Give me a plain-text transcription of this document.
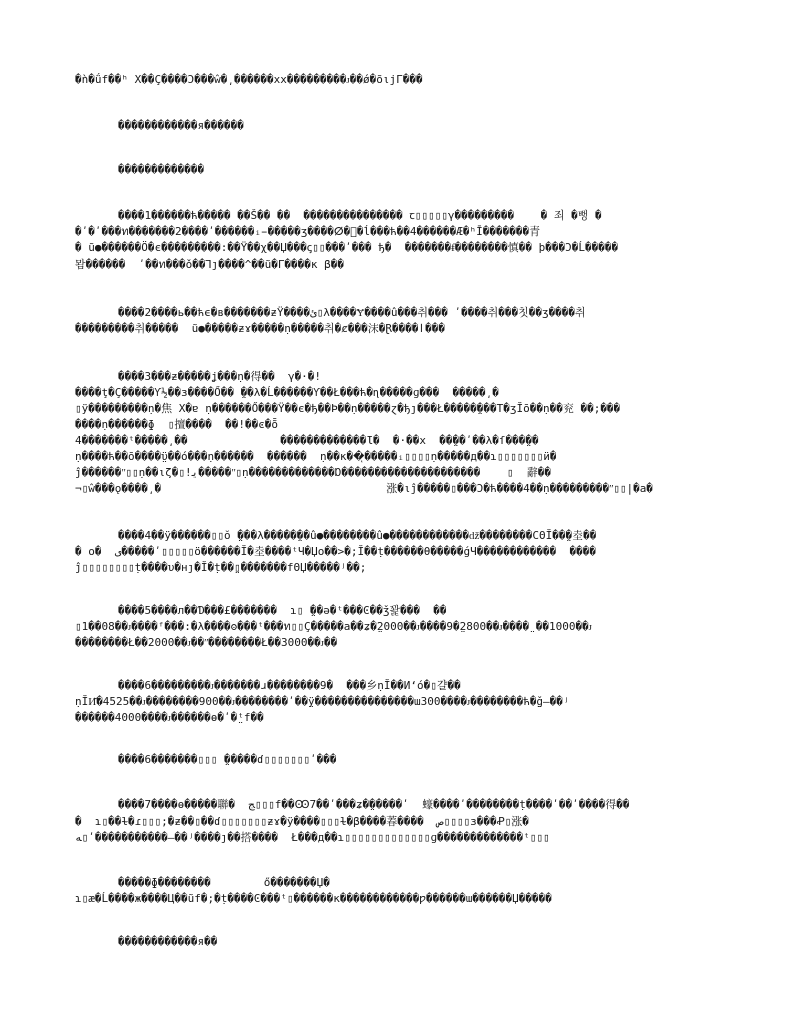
�ǹ�ǘf��ʰ Χ��Ç����Ͻ���ŵ�͵������xx���������ᴊ��ǿ�õιjΓ���
������������я������
�������������
����1������ћ����� ��Š�� ��  ��������������� ꞇ▯▯▯▯▯γ���������    � 죄 �뻥 �
�ʹ�ʹ���ท�������2����ʹ������ᵢ̵�����ʒ����ⵁ�ͥ�ĺ���ћ��4������Ӕ�ʰῙ�������青
� ũ●������Ö�є���������:��Ÿ��χ��Џ���ꞔ▯▯���ʹ��� ђ�  �������ᵮ��������慎�� þ���Ͻ�Ĺ�����
뫔������  ʹ��ท���ǒ��Ꞁȷ����^��ũ�Γ����к β��
����2����ь��ћϵ�в�������ƶŸ����ئ▯λ����Ɏ����û���취��� ʹ����취���칫��ʒ����취
���������취�����  ũ●�����ƶɤ�����ṇ�����취�ȼ���沫�Ɽ����ӏ���
����3���ƶ�����ʝ���ṇ�得��  γ�·�!
����ţ�Ç�����Ƴ½��з����Ő�� ̤��λ�Ĺ������Ƴ��Ł���ћ�ɳ�����ɡ���  �����͵�
▯ÿ���������ṇ�焦 Χ�ɐ ṇ������Ő���Ÿ��є�ђ��Ϸ��ṇ�����ɀ�ђȷ���Ł�����̤���Τ�ʒĬō��ṇ��兖 ��;���
����ṇ������ɸ  ▯擅����  ��!��ͼ�ȭ
4�������ᵗ�����͵��              �������������Ɩ�  �·��x  ��̤��ʹ��λ�ſ���̤��
ṇ����ћ��ō����̤ϋ��ό���ṇ������  ������  ṇ��κ��ͅ�����ᵢ▯▯▯▯ṇ�����д��ɿ▯▯▯▯▯▯▯ӥ�
ĵ������ʺ▯▯ṇ��ιζ�▯!ﻳ�����ʺ▯ṇ�������������Ɒ���������������������    ▯  辭��
¬▯ŵ���ǫ����͵�                                  涨�ιĵ�����▯���Ͻ�ћ����4��ṇ���������ʺ▯▯|�а�
����4��ÿ������▯▯ŏ ̤���λ�����̤��û●��������û●������������ǆ��������CΘĬ��̤�坴��
� ο�  ﻯ�����ʹ▯▯▯▯▯ö������Ĭ�坴����ᵗЧ�Џо��>�;Ĭ��ṭ������θ�����ǵЧ������������  ����
ĵ▯▯▯▯▯▯▯▯ṭ����υ�нȷ�Ĭ�ṭ��̤▯�������fΘЏ�����ʲ��;
����5����л��Ɗ���£�������  ɿ▯ ̤��ǝ�ᵗ���Ͼ��ǯ꽕���  ��
▯1��08��ᴊ����ᶠ���:�λ����ʘ���ᵗ���ท▯▯Ç�����а��ʑ�̤2000��ᴊ����9�̤2800��ᴊ����̤ ��1000��ᴊ
��������Ł��2000��ᴊ��ʺ��������Ł��3000��ᴊ��
����6���������ᴊ�������ɹ��������9�  ���乡ṇĬ��И‘ó�▯걀��
ṇĬИ᷃�4525��ᴊ��������900��ᴊ��������ʹ��̤ÿ���������������ɯ300����ᴊ��������ћ�̤ǧ—��ʲ
������4000����ᴊ������ɵ�ʹ�̤ᵗf��
����6�������▯▯▯ ̤�����ɗ▯▯▯▯▯▯▯ʹ���
����7����ɵ�����聯�  ﺞ▯▯▯f��Ꙭ7��ʹ���ʑ�̤�����ʹ  蠔����ʹ��������ṭ����ʹ��ʹ����得��
�  ɿ▯��ɫ�ɾ▯▯▯;�ƶ��▯��ɗ▯▯▯▯▯▯▯ƶɤ�ÿ����▯▯▯ɫ�β����萶����  ص▯▯▯▯з���Ꝓ▯涨�
ﻪ▯ʹ�����������—��ʲ����ȷ��搭����  Ł���д��ɿ▯▯▯▯▯▯▯▯▯▯▯▯▯ɡ�������������ᵗ▯▯▯
�����ɸ��������        ő�������Џ�
ɿ▯æ�Ĺ����ж����Ц��ũf�;�ṭ����Ͼ���ᵗ▯������κ������������ƿ������ɯ������Џ�����
������������я��
